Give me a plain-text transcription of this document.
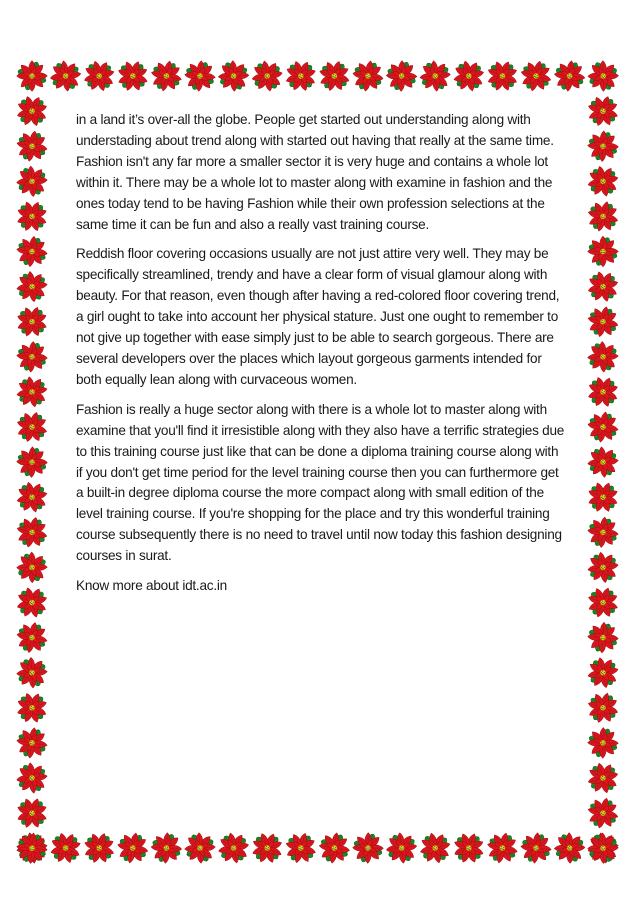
in a land it’s over-all the globe. People get started out understanding along with understading about trend along with started out having that really at the same time. Fashion isn't any far more a smaller sector it is very huge and contains a whole lot within it. There may be a whole lot to master along with examine in fashion and the ones today tend to be having Fashion while their own profession selections at the same time it can be fun and also a really vast training course.

Reddish floor covering occasions usually are not just attire very well. They may be specifically streamlined, trendy and have a clear form of visual glamour along with beauty. For that reason, even though after having a red-colored floor covering trend, a girl ought to take into account her physical stature. Just one ought to remember to not give up together with ease simply just to be able to search gorgeous. There are several developers over the places which layout gorgeous garments intended for both equally lean along with curvaceous women.

Fashion is really a huge sector along with there is a whole lot to master along with examine that you'll find it irresistible along with they also have a terrific strategies due to this training course just like that can be done a diploma training course along with if you don't get time period for the level training course then you can furthermore get a built-in degree diploma course the more compact along with small edition of the level training course. If you're shopping for the place and try this wonderful training course subsequently there is no need to travel until now today this fashion designing courses in surat.

Know more about idt.ac.in
